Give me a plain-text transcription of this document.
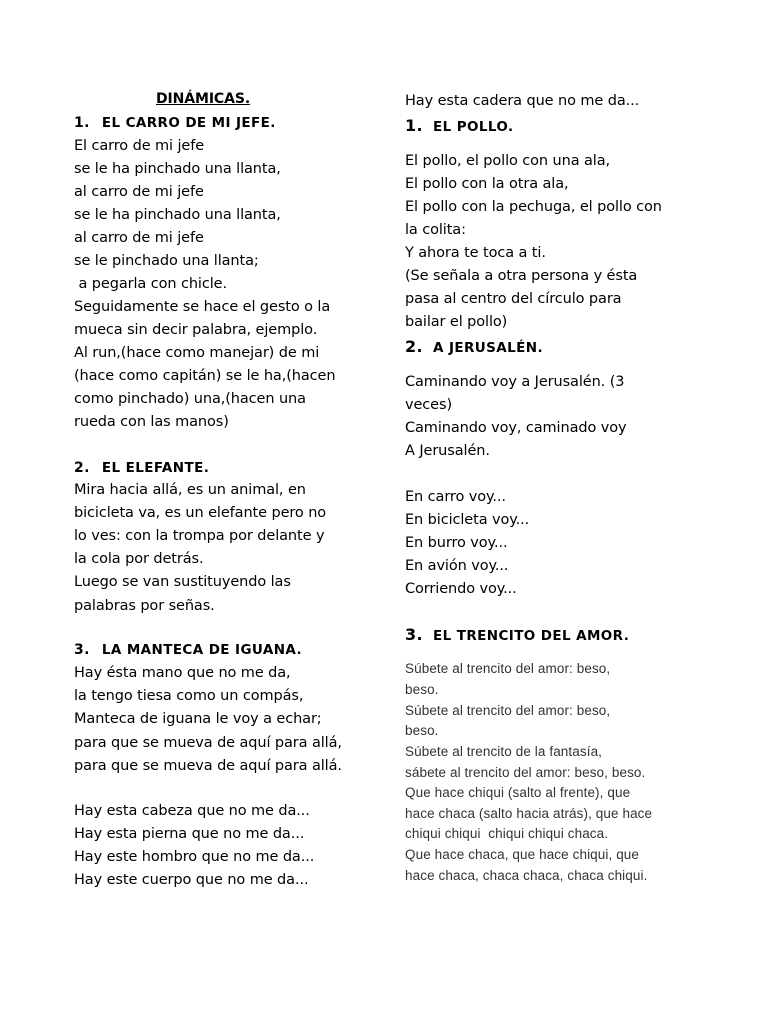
DINÁMICAS.
1. EL CARRO DE MI JEFE.
El carro de mi jefe
se le ha pinchado una llanta,
al carro de mi jefe
se le ha pinchado una llanta,
al carro de mi jefe
se le pinchado una llanta;
a pegarla con chicle.
Seguidamente se hace el gesto o la
mueca sin decir palabra, ejemplo.
Al run,(hace como manejar) de mi
(hace como capitán) se le ha,(hacen
como pinchado) una,(hacen una
rueda con las manos)
2. EL ELEFANTE.
Mira hacia allá, es un animal, en
bicicleta va, es un elefante pero no
lo ves: con la trompa por delante y
la cola por detrás.
Luego se van sustituyendo las
palabras por señas.
3. LA MANTECA DE IGUANA.
Hay ésta mano que no me da,
la tengo tiesa como un compás,
Manteca de iguana le voy a echar;
para que se mueva de aquí para allá,
para que se mueva de aquí para allá.
Hay esta cabeza que no me da...
Hay esta pierna que no me da...
Hay este hombro que no me da...
Hay este cuerpo que no me da...
Hay esta cadera que no me da...
1. EL POLLO.
El pollo, el pollo con una ala,
El pollo con la otra ala,
El pollo con la pechuga, el pollo con
la colita:
Y ahora te toca a ti.
(Se señala a otra persona y ésta
pasa al centro del círculo para
bailar el pollo)
2. A JERUSALÉN.
Caminando voy a Jerusalén. (3
veces)
Caminando voy, caminado voy
A Jerusalén.
En carro voy...
En bicicleta voy...
En burro voy...
En avión voy...
Corriendo voy...
3. EL TRENCITO DEL AMOR.
Súbete al trencito del amor: beso,
beso.
Súbete al trencito del amor: beso,
beso.
Súbete al trencito de la fantasía,
sábete al trencito del amor: beso, beso.
Que hace chiqui (salto al frente), que
hace chaca (salto hacia atrás), que hace
chiqui chiqui  chiqui chiqui chaca.
Que hace chaca, que hace chiqui, que
hace chaca, chaca chaca, chaca chiqui.
